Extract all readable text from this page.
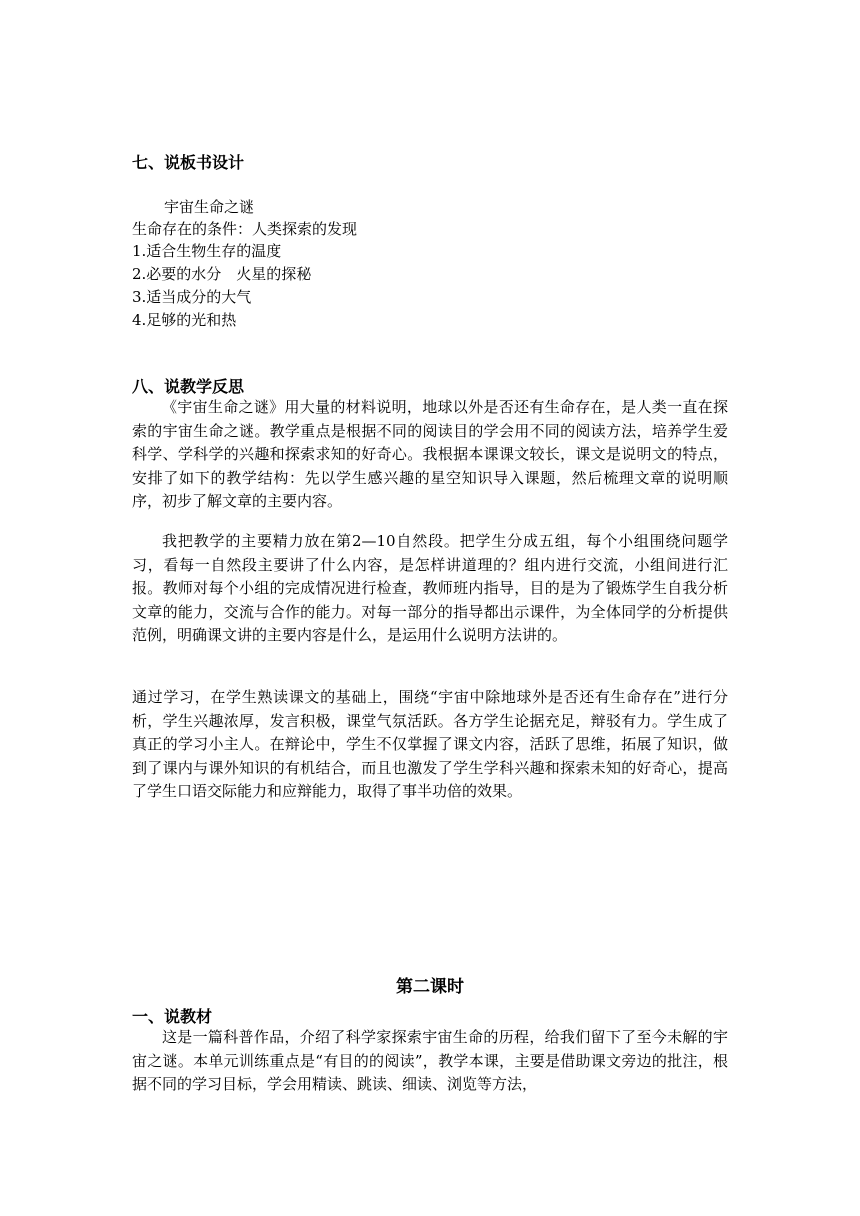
七、说板书设计
宇宙生命之谜
生命存在的条件：人类探索的发现
1.适合生物生存的温度
2.必要的水分　火星的探秘
3.适当成分的大气
4.足够的光和热
八、说教学反思
《宇宙生命之谜》用大量的材料说明，地球以外是否还有生命存在，是人类一直在探索的宇宙生命之谜。教学重点是根据不同的阅读目的学会用不同的阅读方法，培养学生爱科学、学科学的兴趣和探索求知的好奇心。我根据本课课文较长，课文是说明文的特点，安排了如下的教学结构：先以学生感兴趣的星空知识导入课题，然后梳理文章的说明顺序，初步了解文章的主要内容。
我把教学的主要精力放在第2—10自然段。把学生分成五组，每个小组围绕问题学习，看每一自然段主要讲了什么内容，是怎样讲道理的？组内进行交流，小组间进行汇报。教师对每个小组的完成情况进行检查，教师班内指导，目的是为了锻炼学生自我分析文章的能力，交流与合作的能力。对每一部分的指导都出示课件，为全体同学的分析提供范例，明确课文讲的主要内容是什么，是运用什么说明方法讲的。
通过学习，在学生熟读课文的基础上，围绕“宇宙中除地球外是否还有生命存在”进行分析，学生兴趣浓厚，发言积极，课堂气氛活跃。各方学生论据充足，辩驳有力。学生成了真正的学习小主人。在辩论中，学生不仅掌握了课文内容，活跃了思维，拓展了知识，做到了课内与课外知识的有机结合，而且也激发了学生学科兴趣和探索未知的好奇心，提高了学生口语交际能力和应辩能力，取得了事半功倍的效果。
第二课时
一、说教材
这是一篇科普作品，介绍了科学家探索宇宙生命的历程，给我们留下了至今未解的宇宙之谜。本单元训练重点是“有目的的阅读”，教学本课，主要是借助课文旁边的批注，根据不同的学习目标，学会用精读、跳读、细读、浏览等方法，
